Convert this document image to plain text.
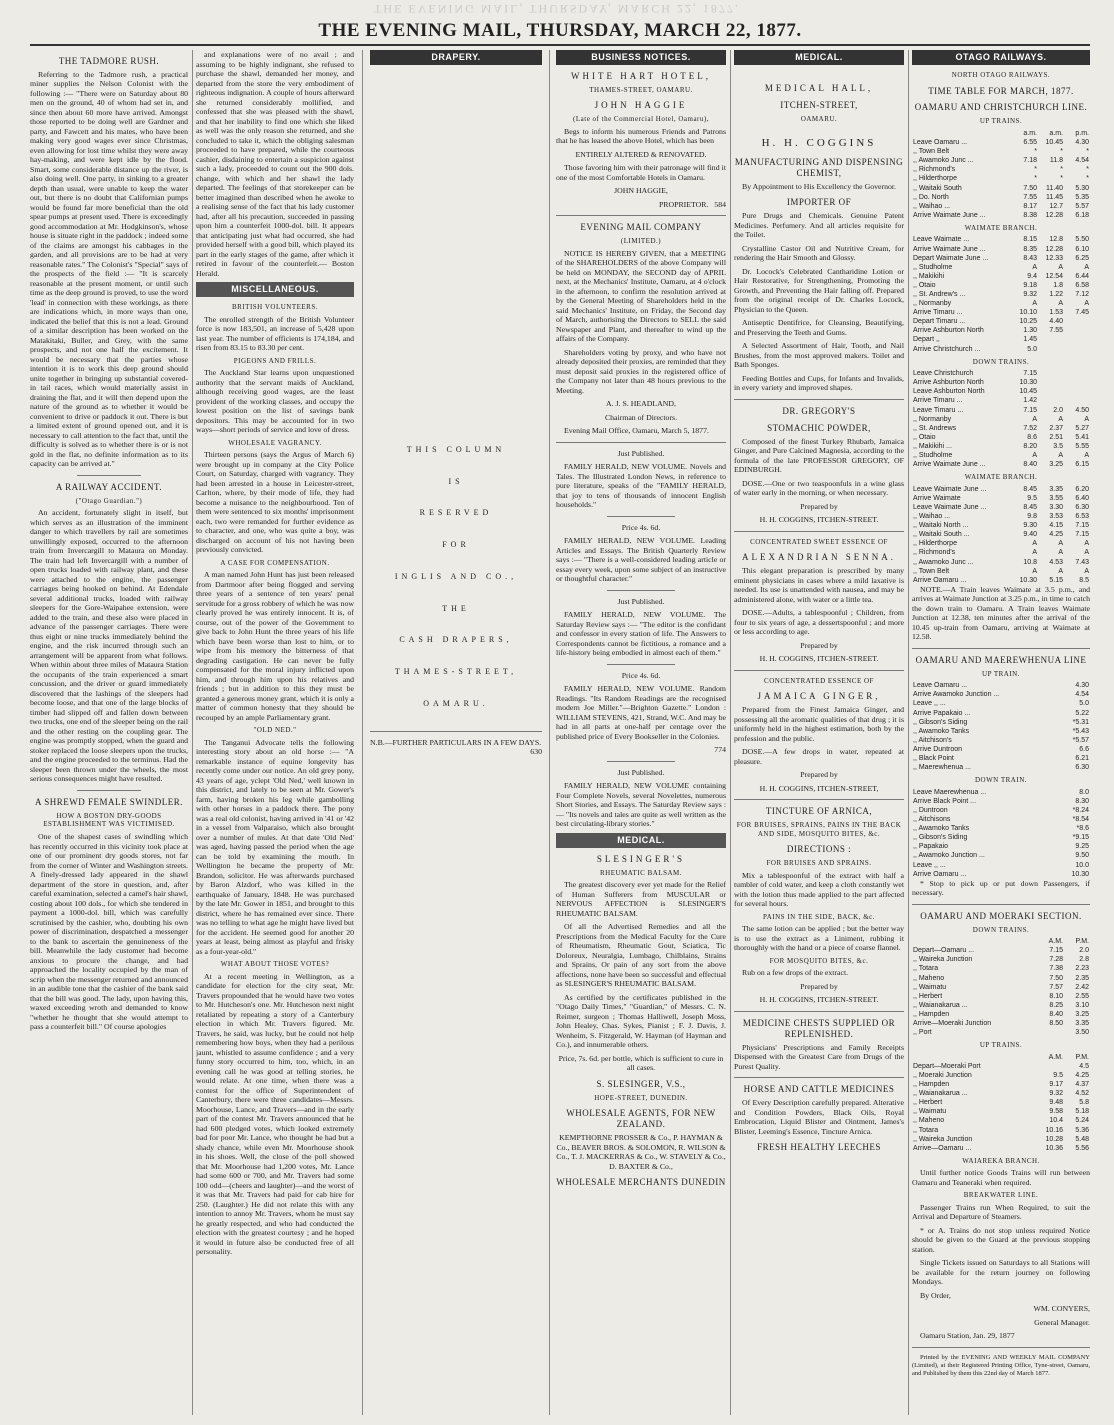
THE EVENING MAIL, THURSDAY, MARCH 22, 1877.
THE EVENING MAIL, THURSDAY, MARCH 22, 1877.
THE TADMORE RUSH.

Referring to the Tadmore rush, a practical miner supplies the Nelson Colonist with the following :— "There were on Saturday about 80 men on the ground, 40 of whom had set in, and since then about 60 more have arrived. Amongst those reported to be doing well are Gardner and party, and Fawcett and his mates, who have been making very good wages ever since Christmas, even allowing for lost time whilst they were away hay-making, and were kept idle by the flood. Smart, some considerable distance up the river, is also doing well. One party, in sinking to a greater depth than usual, were unable to keep the water out, but there is no doubt that Californian pumps would be found far more beneficial than the old spear pumps at present used. There is exceedingly good accommodation at Mr. Hodgkinson's, whose house is situate right in the paddock ; indeed some of the claims are amongst his cabbages in the garden, and all provisions are to be had at very reasonable rates." The Colonist's "Special" says of the prospects of the field :— "It is scarcely reasonable at the present moment, or until such time as the deep ground is proved, to use the word 'lead' in connection with these workings, as there are indications which, in more ways than one, indicated the belief that this is not a lead. Ground of a similar description has been worked on the Matakitaki, Buller, and Grey, with the same prospects, and not one half the excitement. It would be necessary that the parties whose intention it is to work this deep ground should unite together in bringing up substantial covered-in tail races, which would materially assist in draining the flat, and it will then depend upon the nature of the ground as to whether it would be convenient to drive or paddock it out. There is but a limited extent of ground opened out, and it is necessary to call attention to the fact that, until the difficulty is solved as to whether there is or is not gold in the flat, no definite information as to its capacity can be arrived at."

A RAILWAY ACCIDENT.
("Otago Guardian.")

An accident, fortunately slight in itself, but which serves as an illustration of the imminent danger to which travellers by rail are sometimes unwillingly exposed, occurred to the afternoon train from Invercargill to Mataura on Monday. The train had left Invercargill with a number of open trucks loaded with railway plant, and these were attached to the engine, the passenger carriages being hooked on behind. At Edendale several additional trucks, loaded with railway sleepers for the Gore-Waipahee extension, were added to the train, and these also were placed in advance of the passenger carriages. There were thus eight or nine trucks immediately behind the engine, and the risk incurred through such an arrangement will be apparent from what follows. When within about three miles of Mataura Station the occupants of the train experienced a smart concussion, and the driver or guard immediately discovered that the lashings of the sleepers had become loose, and that one of the large blocks of timber had slipped off and fallen down between two trucks, one end of the sleeper being on the rail and the other resting on the coupling gear. The engine was promptly stopped, when the guard and stoker replaced the loose sleepers upon the trucks, and the engine proceeded to the terminus. Had the sleeper been thrown under the wheels, the most serious consequences might have resulted.

A SHREWD FEMALE SWINDLER.
HOW A BOSTON DRY-GOODS ESTABLISHMENT WAS VICTIMISED.

One of the shapest cases of swindling which has recently occurred in this vicinity took place at one of our prominent dry goods stores, not far from the corner of Winter and Washington streets. A finely-dressed lady appeared in the shawl department of the store in question, and, after careful examination, selected a camel's hair shawl, costing about 100 dols., for which she tendered in payment a 1000-dol. bill, which was carefully scrutinised by the cashier, who, doubting his own power of discrimination, despatched a messenger to the bank to ascertain the genuineness of the bill. Meanwhile the lady customer had become anxious to procure the change, and had approached the locality occupied by the man of scrip when the messenger returned and announced in an audible tone that the cashier of the bank said that the bill was good. The lady, upon having this, waxed exceeding wroth and demanded to know "whether he thought that she would attempt to pass a counterfeit bill." Of course apologies

and explanations were of no avail ; and assuming to be highly indignant, she refused to purchase the shawl, demanded her money, and departed from the store the very embodiment of righteous indignation. A couple of hours afterward she returned considerably mollified, and confessed that she was pleased with the shawl, and that her inability to find one which she liked as well was the only reason she returned, and she concluded to take it, which the obliging salesman proceeded to have prepared, while the courteous cashier, disdaining to entertain a suspicion against such a lady, proceeded to count out the 900 dols. change, with which and her shawl the lady departed. The feelings of that storekeeper can be better imagined than described when he awoke to a realising sense of the fact that his lady customer had, after all his precaution, succeeded in passing upon him a counterfeit 1000-dol. bill. It appears that anticipating just what had occurred, she had provided herself with a good bill, which played its part in the early stages of the game, after which it retired in favour of the counterfeit.— Boston Herald.

MISCELLANEOUS.
BRITISH VOLUNTEERS.

The enrolled strength of the British Volunteer force is now 183,501, an increase of 5,428 upon last year. The number of efficients is 174,184, and risen from 83.15 to 83.30 per cent.

PIGEONS AND FRILLS.

The Auckland Star learns upon unquestioned authority that the servant maids of Auckland, although receiving good wages, are the least provident of the working classes, and occupy the lowest position on the list of savings bank depositors. This may be accounted for in two ways—short periods of service and love of dress.

WHOLESALE VAGRANCY.

Thirteen persons (says the Argus of March 6) were brought up in company at the City Police Court, on Saturday, charged with vagrancy. They had been arrested in a house in Leicester-street, Carlton, where, by their mode of life, they had become a nuisance to the neighbourhood. Ten of them were sentenced to six months' imprisonment each, two were remanded for further evidence as to character, and one, who was quite a boy, was discharged on account of his not having been previously convicted.

A CASE FOR COMPENSATION.

A man named John Hunt has just been released from Dartmoor after being flogged and serving three years of a sentence of ten years' penal servitude for a gross robbery of which he was now clearly proved he was entirely innocent. It is, of course, out of the power of the Government to give back to John Hunt the three years of his life which have been worse than lost to him, or to wipe from his memory the bitterness of that degrading castigation. He can never be fully compensated for the moral injury inflicted upon him, and through him upon his relatives and friends ; but in addition to this they must be granted a generous money grant, which it is only a matter of common honesty that they should be recouped by an ample Parliamentary grant.

"OLD NED."

The Tanganui Advocate tells the following interesting story about an old horse :— "A remarkable instance of equine longevity has recently come under our notice. An old grey pony, 43 years of age, yclept 'Old Ned,' well known in this district, and lately to be seen at Mr. Gower's farm, having broken his leg while gambolling with other horses in a paddock there. The pony was a real old colonist, having arrived in '41 or '42 in a vessel from Valparaiso, which also brought over a number of mules. At that date 'Old Ned' was aged, having passed the period when the age can be told by examining the mouth. In Wellington he became the property of Mr. Brandon, solicitor. He was afterwards purchased by Baron Alzdorf, who was killed in the earthquake of January, 1848. He was purchased by the late Mr. Gower in 1851, and brought to this district, where he has remained ever since. There was no telling to what age he might have lived but for the accident. He seemed good for another 20 years at least, being almost as playful and frisky as a four-year-old."

WHAT ABOUT THOSE VOTES?

At a recent meeting in Wellington, as a candidate for election for the city seat, Mr. Travers propounded that he would have two votes to Mr. Hutcheson's one. Mr. Hutcheson next night retaliated by repeating a story of a Canterbury election in which Mr. Travers figured. Mr. Travers, he said, was lucky, but he could not help remembering how boys, when they had a perilous jaunt, whistled to assume confidence ; and a very funny story occurred to him, too, which, in an evening call he was good at telling stories, he would relate. At one time, when there was a contest for the office of Superintendent of Canterbury, there were three candidates—Messrs. Moorhouse, Lance, and Travers—and in the early part of the contest Mr. Travers announced that he had 600 pledged votes, which looked extremely bad for poor Mr. Lance, who thought he had but a shady chance, while even Mr. Moorhouse shook in his shoes. Well, the close of the poll showed that Mr. Moorhouse had 1,200 votes, Mr. Lance had some 600 or 700, and Mr. Travers had some 100 odd—(cheers and laughter)—and the worst of it was that Mr. Travers had paid for cab hire for 250. (Laughter.) He did not relate this with any intention to annoy Mr. Travers, whom he must say he greatly respected, and who had conducted the election with the greatest courtesy ; and he hoped it would in future also be conducted free of all personality.

DRAPERY.
THIS COLUMN
IS
RESERVED
FOR
INGLIS AND CO.,
THE
CASH DRAPERS,
THAMES-STREET,
OAMARU.

N.B.—FURTHER PARTICULARS IN A FEW DAYS.
630

BUSINESS NOTICES.
WHITE HART HOTEL,
THAMES-STREET, OAMARU.
JOHN HAGGIE
(Late of the Commercial Hotel, Oamaru),

Begs to inform his numerous Friends and Patrons that he has leased the above Hotel, which has been

ENTIRELY ALTERED & RENOVATED.

Those favoring him with their patronage will find it one of the most Comfortable Hotels in Oamaru.

JOHN HAGGIE,

PROPRIETOR. 584

EVENING MAIL COMPANY
(LIMITED.)

NOTICE IS HEREBY GIVEN, that a MEETING of the SHAREHOLDERS of the above Company will be held on MONDAY, the SECOND day of APRIL next, at the Mechanics' Institute, Oamaru, at 4 o'clock in the afternoon, to confirm the resolution arrived at by the General Meeting of Shareholders held in the said Mechanics' Institute, on Friday, the Second day of March, authorising the Directors to SELL the said Newspaper and Plant, and thereafter to wind up the affairs of the Company.

Shareholders voting by proxy, and who have not already deposited their proxies, are reminded that they must deposit said proxies in the registered office of the Company not later than 48 hours previous to the Meeting.

A. J. S. HEADLAND,

Chairman of Directors.

Evening Mail Office, Oamaru, March 5, 1877.

Just Published.

FAMILY HERALD, NEW VOLUME. Novels and Tales. The Illustrated London News, in reference to pure literature, speaks of the "FAMILY HERALD, that joy to tens of thousands of innocent English households."

Price 4s. 6d.

FAMILY HERALD, NEW VOLUME. Leading Articles and Essays. The British Quarterly Review says :— "There is a well-considered leading article or essay every week, upon some subject of an instructive or thoughtful character."

Just Published.

FAMILY HERALD, NEW VOLUME. The Saturday Review says :— "The editor is the confidant and confessor in every station of life. The Answers to Correspondents cannot be fictitious, a romance and a life-history being embodied in almost each of them."

Price 4s. 6d.

FAMILY HERALD, NEW VOLUME. Random Readings. "Its Random Readings are the recognised modern Joe Miller."—Brighton Gazette." London : WILLIAM STEVENS, 421, Strand, W.C. And may be had in all parts at one-half per centage over the published price of Every Bookseller in the Colonies.

774

Just Published.

FAMILY HERALD, NEW VOLUME containing Four Complete Novels, several Novelettes, numerous Short Stories, and Essays. The Saturday Review says :— "Its novels and tales are quite as well written as the best circulating-library stories."

MEDICAL.
SLESINGER'S
RHEUMATIC BALSAM.

The greatest discovery ever yet made for the Relief of Human Sufferers from MUSCULAR or NERVOUS AFFECTION is SLESINGER'S RHEUMATIC BALSAM.

Of all the Advertised Remedies and all the Prescriptions from the Medical Faculty for the Cure of Rheumatism, Rheumatic Gout, Sciatica, Tic Doloreux, Neuralgia, Lumbago, Chilblains, Strains and Sprains, Or pain of any sort from the above affections, none have been so successful and effectual as SLESINGER'S RHEUMATIC BALSAM.

As certified by the certificates published in the "Otago Daily Times," "Guardian," of Messrs. C. N. Reimer, surgeon ; Thomas Halliwell, Joseph Moss, John Healey, Chas. Sykes, Pianist ; F. J. Davis, J. Wenheim, S. Fitzgerald, W. Hayman (of Hayman and Co.), and innumerable others.

Price, 7s. 6d. per bottle, which is sufficient to cure in all cases.

S. SLESINGER, V.S.,
HOPE-STREET, DUNEDIN.
WHOLESALE AGENTS, FOR NEW ZEALAND.

KEMPTHORNE PROSSER & Co., P. HAYMAN & Co., BEAVER BROS. & SOLOMON, R. WILSON & Co., T. J. MACKERRAS & Co., W. STAVELY & Co., D. BAXTER & Co.,

WHOLESALE MERCHANTS DUNEDIN
MEDICAL.
MEDICAL HALL,
ITCHEN-STREET,
OAMARU.
H. H. COGGINS
MANUFACTURING AND DISPENSING CHEMIST,

By Appointment to His Excellency the Governor.

IMPORTER OF

Pure Drugs and Chemicals. Genuine Patent Medicines. Perfumery. And all articles requisite for the Toilet.

Crystalline Castor Oil and Nutritive Cream, for rendering the Hair Smooth and Glossy.

Dr. Locock's Celebrated Cantharidine Lotion or Hair Restorative, for Strengthening, Promoting the Growth, and Preventing the Hair falling off. Prepared from the original receipt of Dr. Charles Locock, Physician to the Queen.

Antiseptic Dentifrice, for Cleansing, Beautifying, and Preserving the Teeth and Gums.

A Selected Assortment of Hair, Tooth, and Nail Brushes, from the most approved makers. Toilet and Bath Sponges.

Feeding Bottles and Cups, for Infants and Invalids, in every variety and improved shapes.

DR. GREGORY'S
STOMACHIC POWDER,

Composed of the finest Turkey Rhubarb, Jamaica Ginger, and Pure Calcined Magnesia, according to the formula of the late PROFESSOR GREGORY, OF EDINBURGH.

DOSE.—One or two teaspoonfuls in a wine glass of water early in the morning, or when necessary.

Prepared by

H. H. COGGINS, ITCHEN-STREET.

CONCENTRATED SWEET ESSENCE OF
ALEXANDRIAN SENNA.

This elegant preparation is prescribed by many eminent physicians in cases where a mild laxative is needed. Its use is unattended with nausea, and may be administered alone, with water or a little tea.

DOSE.—Adults, a tablespoonful ; Children, from four to six years of age, a dessertspoonful ; and more or less according to age.

Prepared by

H. H. COGGINS, ITCHEN-STREET.

CONCENTRATED ESSENCE OF
JAMAICA GINGER,

Prepared from the Finest Jamaica Ginger, and possessing all the aromatic qualities of that drug ; it is uniformly held in the highest estimation, both by the profession and the public.

DOSE.—A few drops in water, repeated at pleasure.

Prepared by

H. H. COGGINS, ITCHEN-STREET,

TINCTURE OF ARNICA,
FOR BRUISES, SPRAINS, PAINS IN THE BACK AND SIDE, MOSQUITO BITES, &c.
DIRECTIONS :
FOR BRUISES AND SPRAINS.

Mix a tablespoonful of the extract with half a tumbler of cold water, and keep a cloth constantly wet with the lotion thus made applied to the part affected for several hours.

PAINS IN THE SIDE, BACK, &c.

The same lotion can be applied ; but the better way is to use the extract as a Liniment, rubbing it thoroughly with the hand or a piece of coarse flannel.

FOR MOSQUITO BITES, &c.

Rub on a few drops of the extract.

Prepared by

H. H. COGGINS, ITCHEN-STREET.

MEDICINE CHESTS SUPPLIED OR REPLENISHED.

Physicians' Prescriptions and Family Receipts Dispensed with the Greatest Care from Drugs of the Purest Quality.

HORSE AND CATTLE MEDICINES

Of Every Description carefully prepared. Alterative and Condition Powders, Black Oils, Royal Embrocation, Liquid Blister and Ointment, James's Blister, Leeming's Essence, Tincture Arnica.

FRESH HEALTHY LEECHES
OTAGO RAILWAYS.
NORTH OTAGO RAILWAYS.
TIME TABLE FOR MARCH, 1877.
OAMARU AND CHRISTCHURCH LINE.
UP TRAINS.
	a.m.	a.m.	p.m.
Leave Oamaru ...	6.55	10.45	4.30
,, Town Belt	*	*	*
,, Awamoko Junc ...	7.18	11.8	4.54
,, Richmond's	*	*	*
,, Hilderthorpe	*	*	*
,, Waitaki South	7.50	11.40	5.30
,, Do. North	7.55	11.45	5.35
,, Waihao ...	8.17	12.7	5.57
Arrive Waimate June ...	8.38	12.28	6.18
WAIMATE BRANCH.
Leave Waimate ...	8.15	12.8	5.50
Arrive Waimate June ...	8.35	12.28	6.10
Depart Waimate June ...	8.43	12.33	6.25
,, Studholme	A	A	A
,, Makikihi	9.4	12.54	6.44
,, Otaio	9.18	1.8	6.58
,, St. Andrew's ...	9.32	1.22	7.12
,, Normanby	A	A	A
Arrive Timaru ...	10.10	1.53	7.45
Depart Timaru ...	10.25	4.40	
Arrive Ashburton North	1.30	7.55	
Depart ,,	1.45		
Arrive Christchurch ...	5.0		
DOWN TRAINS.
Leave Christchurch	7.15		
Arrive Ashburton North	10.30		
Leave Ashburton North	10.45		
Arrive Timaru ...	1.42		
Leave Timaru ...	7.15	2.0	4.50
,, Normanby	A	A	A
,, St. Andrews	7.52	2.37	5.27
,, Otaio	8.6	2.51	5.41
,, Makikihi ...	8.20	3.5	5.55
,, Studholme	A	A	A
Arrive Waimate June ...	8.40	3.25	6.15
WAIMATE BRANCH.
Leave Waimate June ...	8.45	3.35	6.20
Arrive Waimate	9.5	3.55	6.40
Leave Waimate June ...	8.45	3.30	6.30
,, Waihao ...	9.8	3.53	6.53
,, Waitaki North ...	9.30	4.15	7.15
,, Waitaki South ...	9.40	4.25	7.15
,, Hilderthorpe	A	A	A
,, Richmond's	A	A	A
,, Awamoko Junc ...	10.8	4.53	7.43
,, Town Belt	A	A	A
Arrive Oamaru ...	10.30	5.15	8.5

NOTE.—A Train leaves Waimate at 3.5 p.m., and arrives at Waimate Junction at 3.25 p.m., in time to catch the down train to Oamaru. A Train leaves Waimate Junction at 12.38, ten minutes after the arrival of the 10.45 up-train from Oamaru, arriving at Waimate at 12.58.

OAMARU AND MAEREWHENUA LINE
UP TRAIN.
Leave Oamaru ...	4.30
Arrive Awamoko Junction ...	4.54
Leave ,, ...	5.0
Arrive Papakaio ...	5.22
,, Gibson's Siding	*5.31
,, Awamoko Tanks	*5.43
,, Aitchison's	*5.57
Arrive Duntroon	6.6
,, Black Point	6.21
,, Maerewhenua ...	6.30
DOWN TRAIN.
Leave Maerewhenua ...	8.0
Arrive Black Point ...	8.30
,, Duntroon	*8.24
,, Aitchisons	*8.54
,, Awamoko Tanks	*8.6
,, Gibson's Siding	*9.15
,, Papakaio	9.25
,, Awamoko Junction ...	9.50
Leave ,, ...	10.0
Arrive Oamaru ...	10.30

* Stop to pick up or put down Passengers, if necessary.

OAMARU AND MOERAKI SECTION.
DOWN TRAINS.
	A.M.	P.M.
Depart—Oamaru ...	7.15	2.0
,, Waireka Junction	7.28	2.8
,, Totara	7.38	2.23
,, Maheno	7.50	2.35
,, Waimatu	7.57	2.42
,, Herbert	8.10	2.55
,, Waianakarua ...	8.25	3.10
,, Hampden	8.40	3.25
Arrive—Moeraki Junction	8.50	3.35
,, Port		3.50
UP TRAINS.
	A.M.	P.M.
Depart—Moeraki Port		4.5
,, Moeraki Junction	9.5	4.25
,, Hampden	9.17	4.37
,, Waianakarua ...	9.32	4.52
,, Herbert	9.48	5.8
,, Waimatu	9.58	5.18
,, Maheno	10.4	5.24
,, Totara	10.16	5.36
,, Waireka Junction	10.28	5.48
Arrive—Oamaru ...	10.36	5.56
WAIAREKA BRANCH.

Until further notice Goods Trains will run between Oamaru and Teaneraki when required.

BREAKWATER LINE.

Passenger Trains run When Required, to suit the Arrival and Departure of Steamers.

* or A. Trains do not stop unless required Notice should be given to the Guard at the previous stopping station.

Single Tickets issued on Saturdays to all Stations will be available for the return journey on following Mondays.

By Order,

WM. CONYERS,

General Manager.

Oamaru Station, Jan. 29, 1877

Printed by the EVENING AND WEEKLY MAIL COMPANY (Limited), at their Registered Printing Office, Tyne-street, Oamaru, and Published by them this 22nd day of March 1877.
